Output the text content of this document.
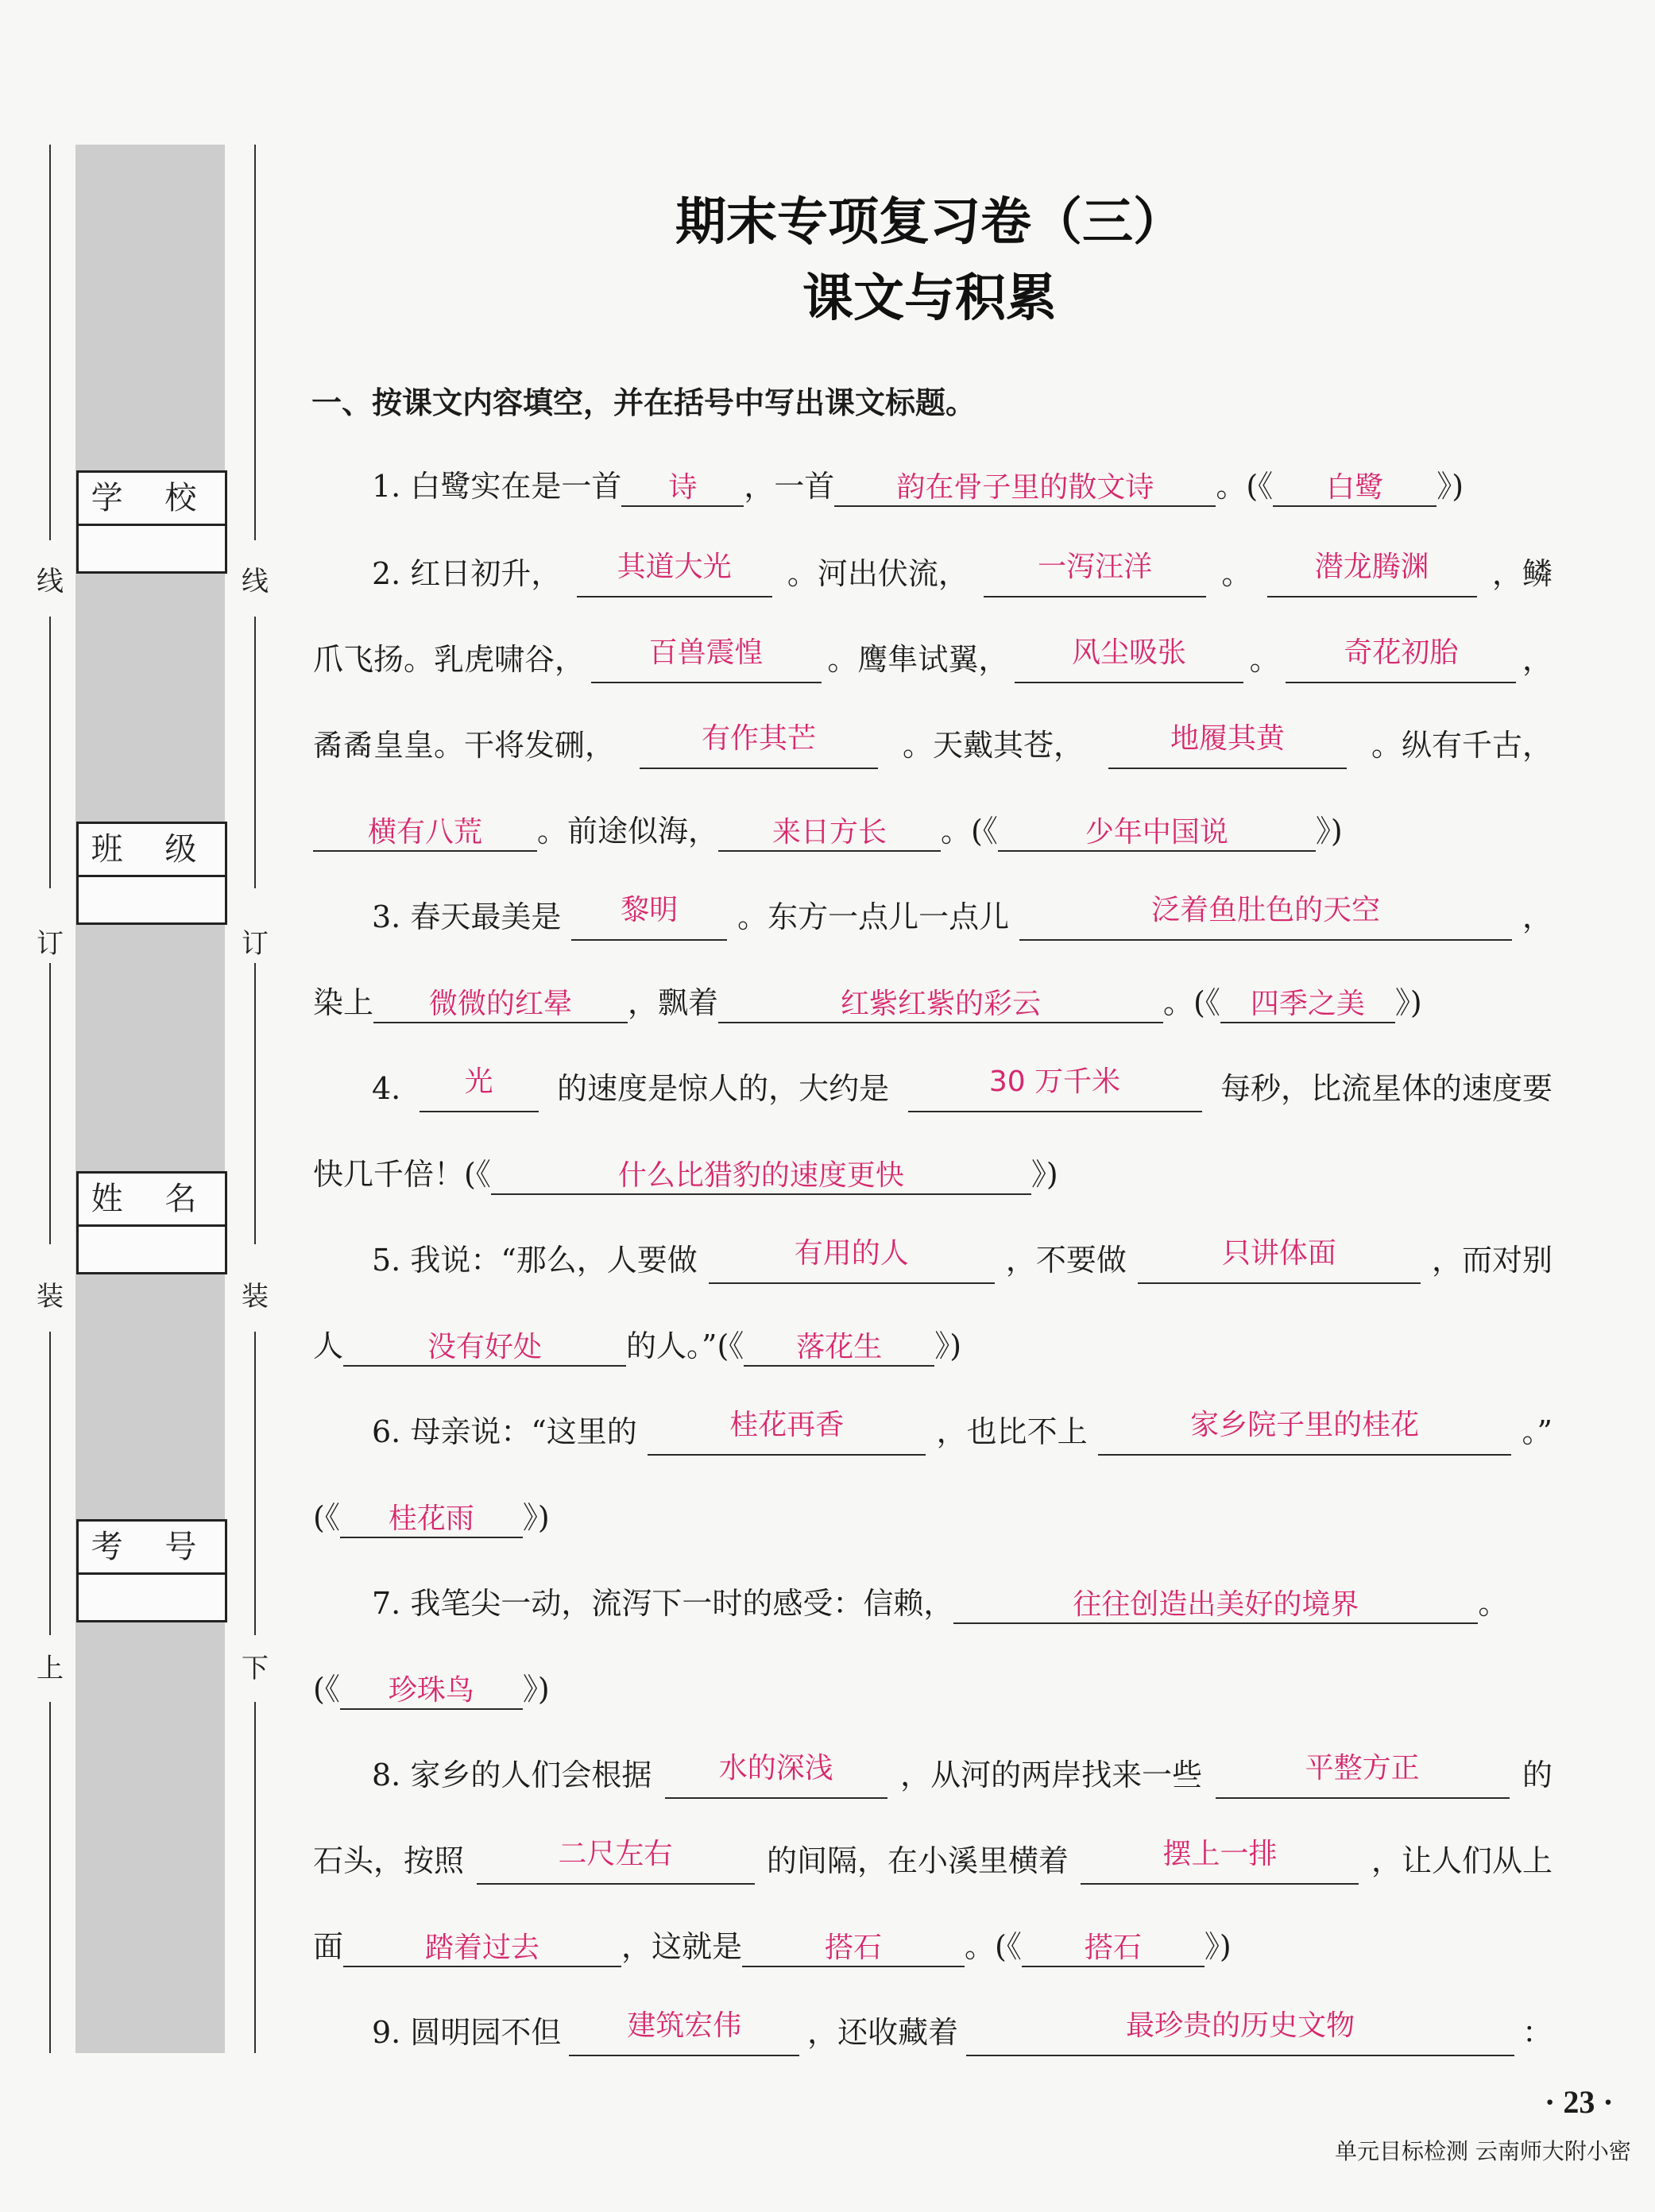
线	线
订	订
装	装
上	下
学 校
班 级
姓 名
考 号
期末专项复习卷（三）
课文与积累
一、按课文内容填空，并在括号中写出课文标题。
1. 白鹭实在是一首 诗 ，一首 韵在骨子里的散文诗 。(《 白鹭 》)
2. 红日初升，	其道大光	。河出伏流，	一泻汪洋	。	潜龙腾渊	，鳞
爪飞扬。乳虎啸谷，	百兽震惶	。鹰隼试翼，	风尘吸张	。	奇花初胎	，
矞矞皇皇。干将发硎，	有作其芒	。天戴其苍，	地履其黄	。纵有千古，
横有八荒 。前途似海， 来日方长 。(《	少年中国说	》)
3. 春天最美是	黎明	。东方一点儿一点儿	泛着鱼肚色的天空	，
染上 微微的红晕 ，飘着	红紫红紫的彩云	。(《 四季之美 》)
4.	光	的速度是惊人的，大约是	30 万千米	每秒，比流星体的速度要
快几千倍！(《	什么比猎豹的速度更快	》)
5. 我说：“那么，人要做	有用的人	，不要做	只讲体面	，而对别
人	没有好处	的人。”(《 落花生 》)
6. 母亲说：“这里的	桂花再香	，也比不上	家乡院子里的桂花	。”
(《 桂花雨 》)
7. 我笔尖一动，流泻下一时的感受：信赖，	往往创造出美好的境界	。
(《 珍珠鸟 》)
8. 家乡的人们会根据	水的深浅	，从河的两岸找来一些	平整方正	的
石头，按照	二尺左右	的间隔，在小溪里横着	摆上一排	，让人们从上
面	踏着过去	，这就是	搭石	。(《 搭石 》)
9. 圆明园不但	建筑宏伟	，还收藏着	最珍贵的历史文物	：
· 23 ·
单元目标检测 云南师大附小密
